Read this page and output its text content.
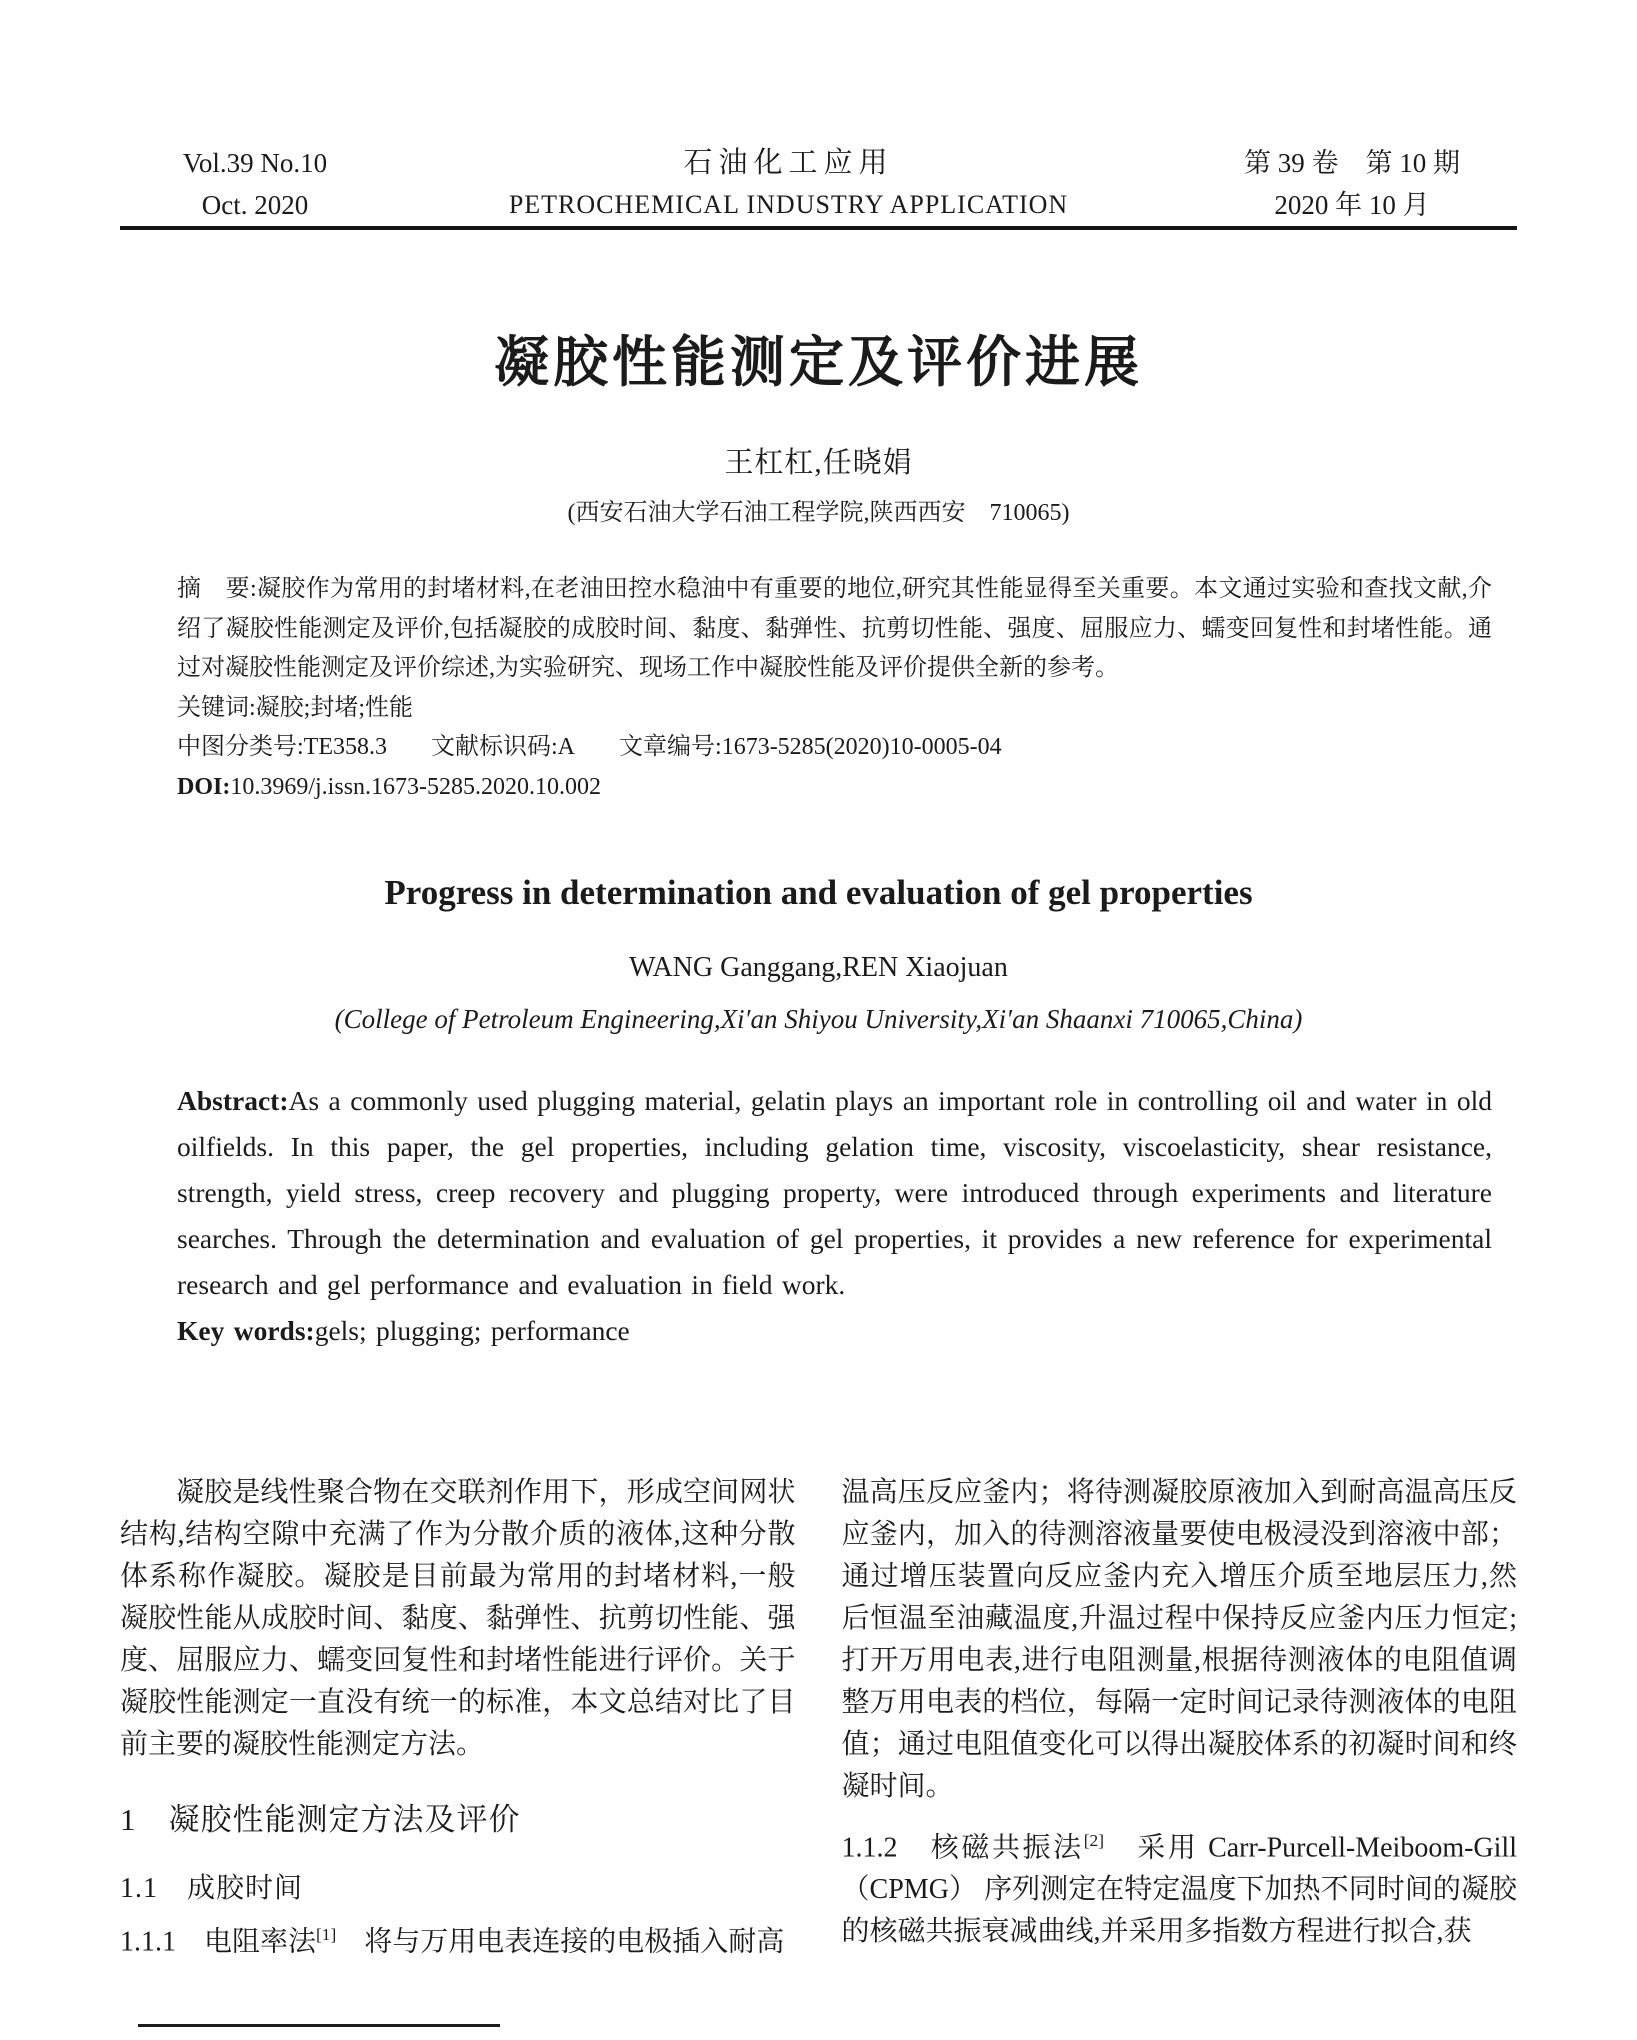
Vol.39 No.10
Oct. 2020
石油化工应用
PETROCHEMICAL INDUSTRY APPLICATION
第 39 卷　第 10 期
2020 年 10 月
凝胶性能测定及评价进展
王杠杠,任晓娟
(西安石油大学石油工程学院,陕西西安　710065)
摘　要:凝胶作为常用的封堵材料,在老油田控水稳油中有重要的地位,研究其性能显得至关重要。本文通过实验和查找文献,介绍了凝胶性能测定及评价,包括凝胶的成胶时间、黏度、黏弹性、抗剪切性能、强度、屈服应力、蠕变回复性和封堵性能。通过对凝胶性能测定及评价综述,为实验研究、现场工作中凝胶性能及评价提供全新的参考。
关键词:凝胶;封堵;性能
中图分类号:TE358.3 文献标识码:A 文章编号:1673-5285(2020)10-0005-04
DOI:10.3969/j.issn.1673-5285.2020.10.002
Progress in determination and evaluation of gel properties
WANG Ganggang,REN Xiaojuan
(College of Petroleum Engineering,Xi′an Shiyou University,Xi′an Shaanxi 710065,China)
Abstract:As a commonly used plugging material, gelatin plays an important role in controlling oil and water in old oilfields. In this paper, the gel properties, including gelation time, viscosity, viscoelasticity, shear resistance, strength, yield stress, creep recovery and plugging property, were introduced through experiments and literature searches. Through the determination and evaluation of gel properties, it provides a new reference for experimental research and gel performance and evaluation in field work.
Key words:gels; plugging; performance

凝胶是线性聚合物在交联剂作用下，形成空间网状结构,结构空隙中充满了作为分散介质的液体,这种分散体系称作凝胶。凝胶是目前最为常用的封堵材料,一般凝胶性能从成胶时间、黏度、黏弹性、抗剪切性能、强度、屈服应力、蠕变回复性和封堵性能进行评价。关于凝胶性能测定一直没有统一的标准，本文总结对比了目前主要的凝胶性能测定方法。

1　凝胶性能测定方法及评价
1.1　成胶时间

1.1.1　电阻率法[1]　将与万用电表连接的电极插入耐高

温高压反应釜内；将待测凝胶原液加入到耐高温高压反应釜内，加入的待测溶液量要使电极浸没到溶液中部；通过增压装置向反应釜内充入增压介质至地层压力,然后恒温至油藏温度,升温过程中保持反应釜内压力恒定;打开万用电表,进行电阻测量,根据待测液体的电阻值调整万用电表的档位，每隔一定时间记录待测液体的电阻值；通过电阻值变化可以得出凝胶体系的初凝时间和终凝时间。

1.1.2　核磁共振法[2]　采用 Carr-Purcell-Meiboom-Gill（CPMG） 序列测定在特定温度下加热不同时间的凝胶的核磁共振衰减曲线,并采用多指数方程进行拟合,获
